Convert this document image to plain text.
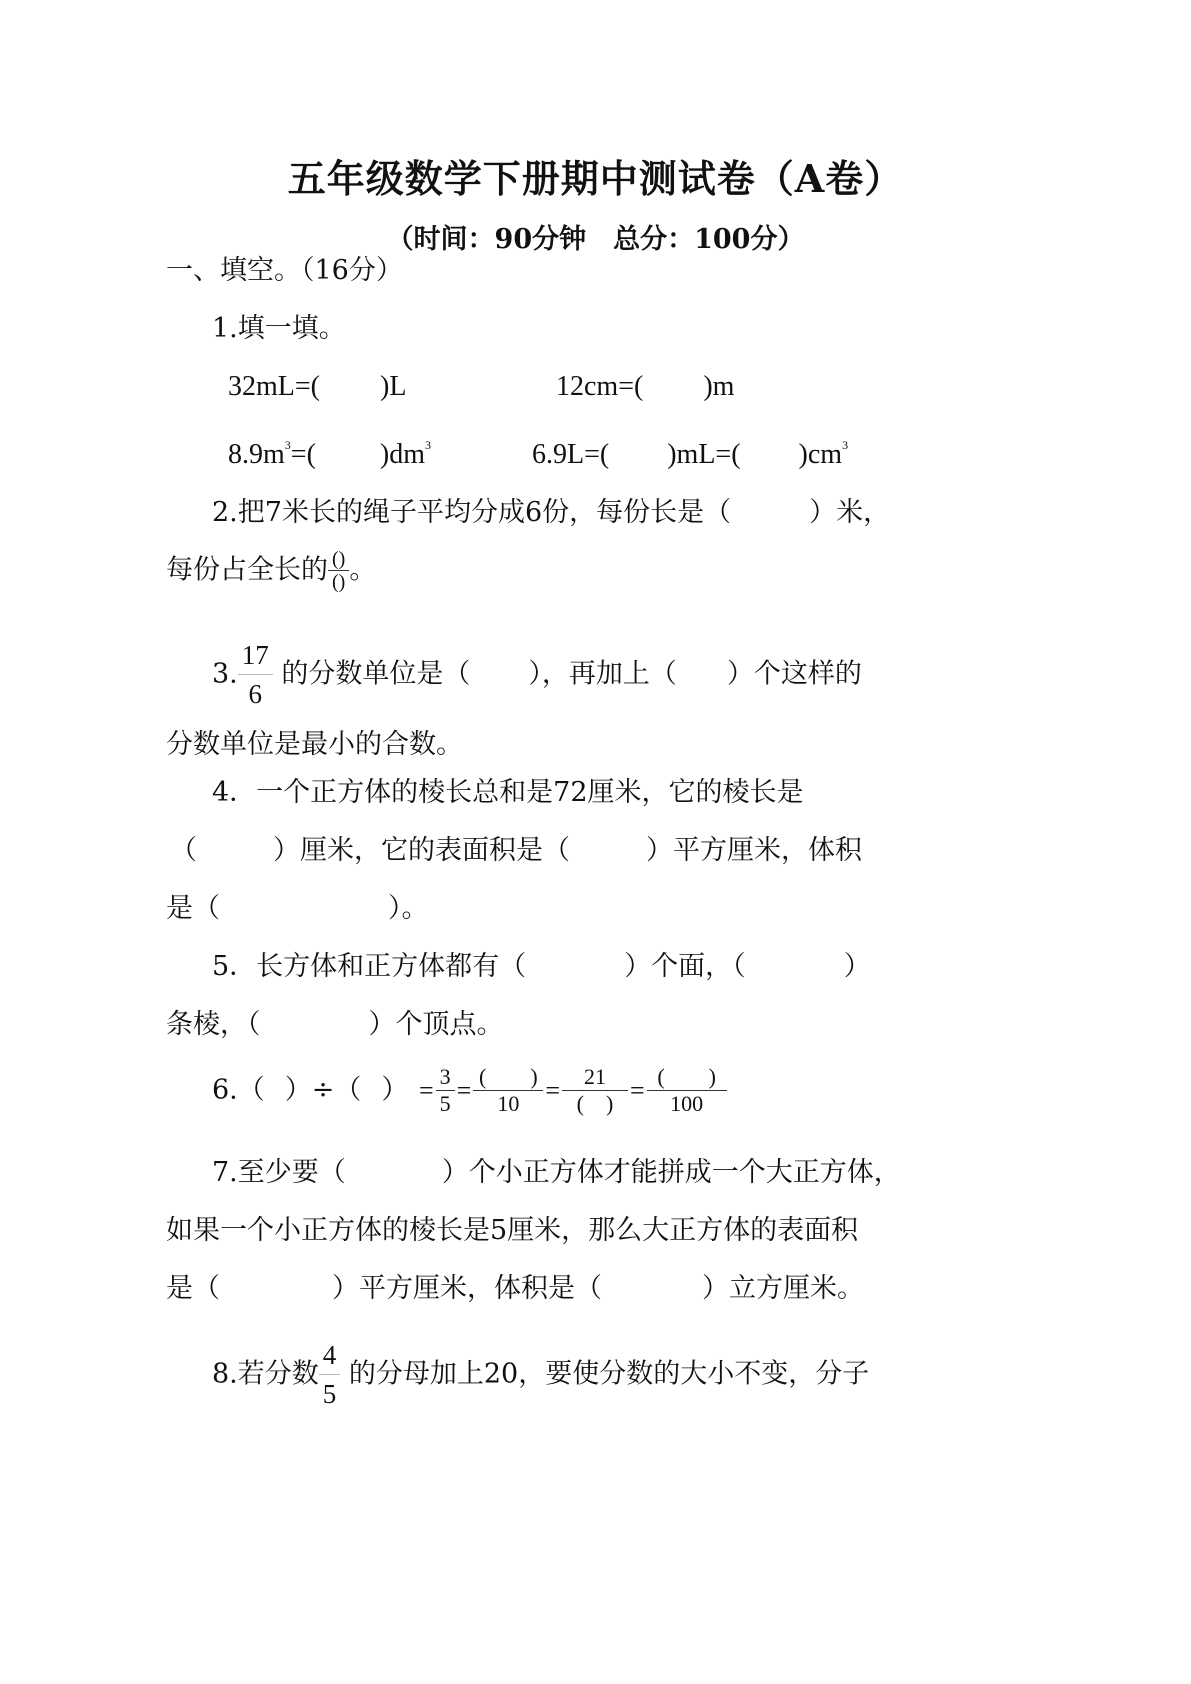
五年级数学下册期中测试卷（A卷）
（时间：90分钟　总分：100分）
一、填空。（16分）
1.填一填。
32mL=( )L	12cm=( )m
$8.9m^3=$( )$dm^3$	6.9L=( )mL=( )$cm^3$
2.把7米长的绳子平均分成6份，每份长是（	）米，
每份占全长的 $\frac{()}{()}$ 。
3. $\frac{17}{6}$ 的分数单位是（ ），再加上（ ）个这样的
分数单位是最小的合数。
4．一个正方体的棱长总和是72厘米，它的棱长是
（	）厘米，它的表面积是（	）平方厘米，体积
是（	）。
5．长方体和正方体都有（	）个面，（	）
条棱，（	）个顶点。
6.（ ）÷（ ） = $\frac{3}{5} = \frac{( )}{10} = \frac{21}{( )} = \frac{( )}{100}$
7.至少要（	）个小正方体才能拼成一个大正方体，
如果一个小正方体的棱长是5厘米，那么大正方体的表面积
是（	）平方厘米，体积是（	）立方厘米。
8.若分数 $\frac{4}{5}$ 的分母加上20，要使分数的大小不变，分子
